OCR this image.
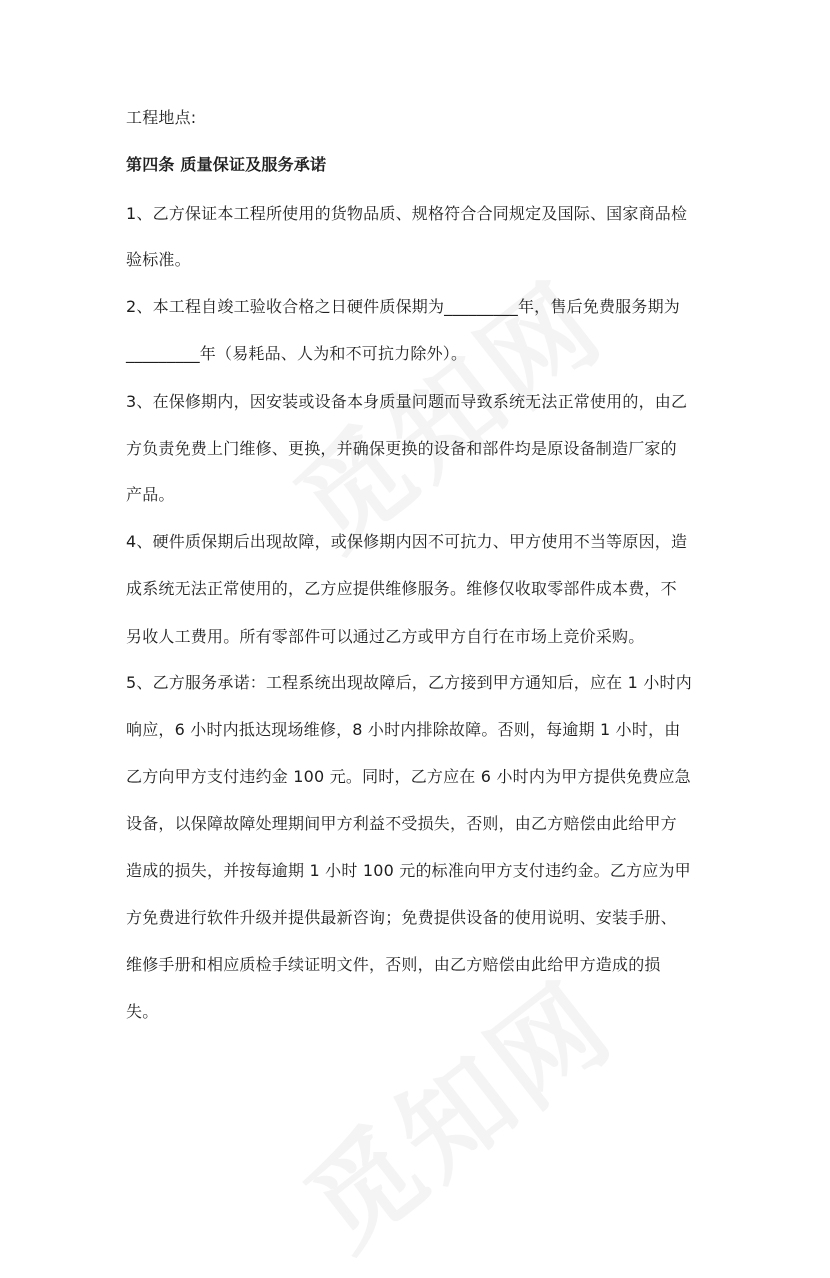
工程地点:
第四条 质量保证及服务承诺
1、乙方保证本工程所使用的货物品质、规格符合合同规定及国际、国家商品检
验标准。
2、本工程自竣工验收合格之日硬件质保期为_________年，售后免费服务期为
_________年（易耗品、人为和不可抗力除外）。
3、在保修期内，因安装或设备本身质量问题而导致系统无法正常使用的，由乙
方负责免费上门维修、更换，并确保更换的设备和部件均是原设备制造厂家的
产品。
4、硬件质保期后出现故障，或保修期内因不可抗力、甲方使用不当等原因，造
成系统无法正常使用的，乙方应提供维修服务。维修仅收取零部件成本费，不
另收人工费用。所有零部件可以通过乙方或甲方自行在市场上竞价采购。
5、乙方服务承诺：工程系统出现故障后，乙方接到甲方通知后，应在 1 小时内
响应，6 小时内抵达现场维修，8 小时内排除故障。否则，每逾期 1 小时，由
乙方向甲方支付违约金 100 元。同时，乙方应在 6 小时内为甲方提供免费应急
设备，以保障故障处理期间甲方利益不受损失，否则，由乙方赔偿由此给甲方
造成的损失，并按每逾期 1 小时 100 元的标准向甲方支付违约金。乙方应为甲
方免费进行软件升级并提供最新咨询；免费提供设备的使用说明、安装手册、
维修手册和相应质检手续证明文件，否则，由乙方赔偿由此给甲方造成的损
失。
